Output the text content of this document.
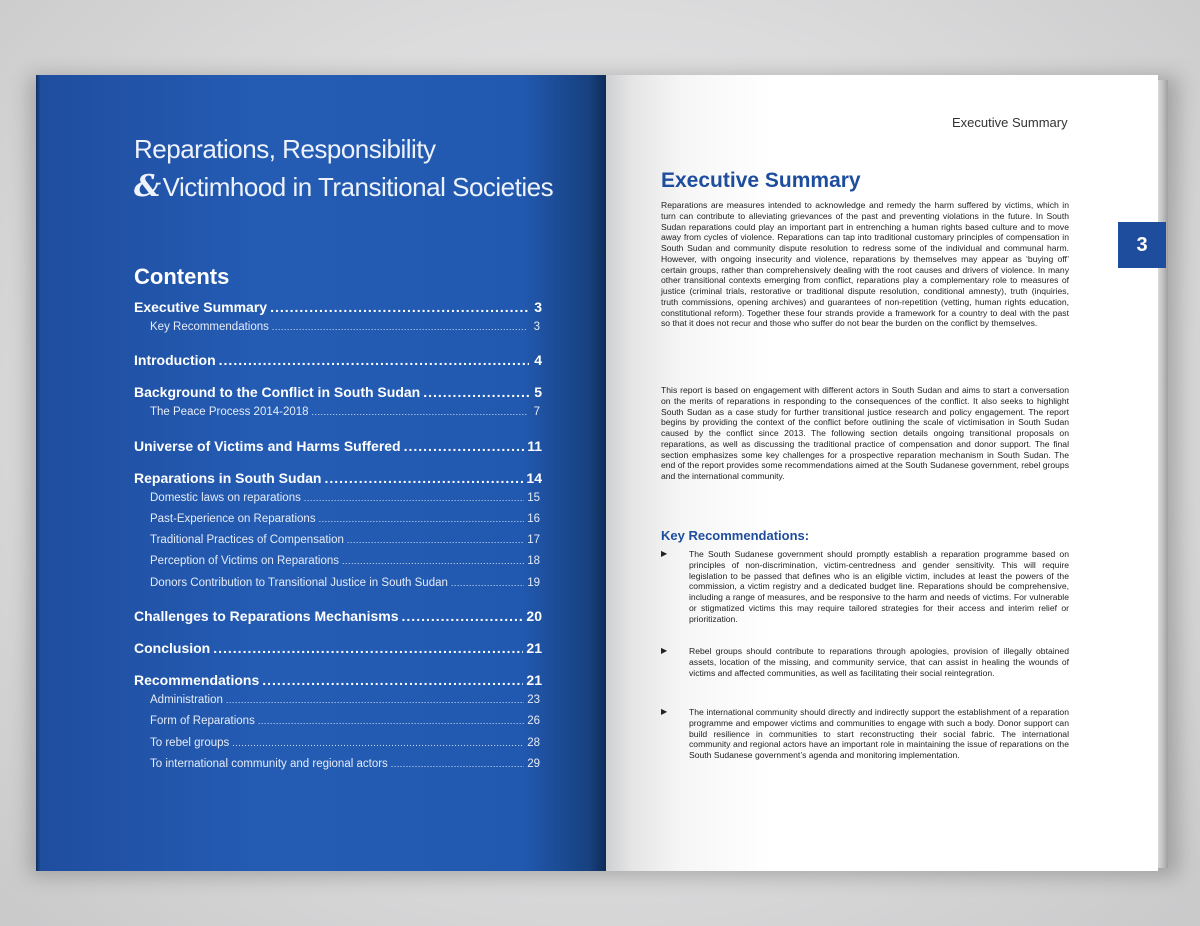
Reparations, Responsibility
&Victimhood in Transitional Societies
Contents
Executive Summary .....	3
Key Recommendations .....	3
Introduction .....	4
Background to the Conflict in South Sudan .....	5
The Peace Process 2014-2018 .....	7
Universe of Victims and Harms Suffered .....	11
Reparations in South Sudan .....	14
Domestic laws on reparations .....	15
Past-Experience on Reparations .....	16
Traditional Practices of Compensation .....	17
Perception of Victims on Reparations .....	18
Donors Contribution to Transitional Justice in South Sudan .....	19
Challenges to Reparations Mechanisms .....	20
Conclusion .....	21
Recommendations .....	21
Administration .....	23
Form of Reparations .....	26
To rebel groups .....	28
To international community and regional actors .....	29
Executive Summary
3
Executive Summary

Reparations are measures intended to acknowledge and remedy the harm suffered by victims, which in turn can contribute to alleviating grievances of the past and preventing violations in the future. In South Sudan reparations could play an important part in entrenching a human rights based culture and to move away from cycles of violence. Reparations can tap into traditional customary principles of compensation in South Sudan and community dispute resolution to redress some of the individual and communal harm. However, with ongoing insecurity and violence, reparations by themselves may appear as ‘buying off’ certain groups, rather than comprehensively dealing with the root causes and drivers of violence. In many other transitional contexts emerging from conflict, reparations play a complementary role to measures of justice (criminal trials, restorative or traditional dispute resolution, conditional amnesty), truth (inquiries, truth commissions, opening archives) and guarantees of non-repetition (vetting, human rights education, constitutional reform). Together these four strands provide a framework for a country to deal with the past so that it does not recur and those who suffer do not bear the burden on the conflict by themselves.

This report is based on engagement with different actors in South Sudan and aims to start a conversation on the merits of reparations in responding to the consequences of the conflict. It also seeks to highlight South Sudan as a case study for further transitional justice research and policy engagement. The report begins by providing the context of the conflict before outlining the scale of victimisation in South Sudan caused by the conflict since 2013. The following section details ongoing transitional proposals on reparations, as well as discussing the traditional practice of compensation and donor support. The final section emphasizes some key challenges for a prospective reparation mechanism in South Sudan. The end of the report provides some recommendations aimed at the South Sudanese government, rebel groups and the international community.

Key Recommendations:
▶	The South Sudanese government should promptly establish a reparation programme based on principles of non-discrimination, victim-centredness and gender sensitivity. This will require legislation to be passed that defines who is an eligible victim, includes at least the powers of the commission, a victim registry and a dedicated budget line. Reparations should be comprehensive, including a range of measures, and be responsive to the harm and needs of victims. For vulnerable or stigmatized victims this may require tailored strategies for their access and interim relief or prioritization.
▶	Rebel groups should contribute to reparations through apologies, provision of illegally obtained assets, location of the missing, and community service, that can assist in healing the wounds of victims and affected communities, as well as facilitating their social reintegration.
▶	The international community should directly and indirectly support the establishment of a reparation programme and empower victims and communities to engage with such a body. Donor support can build resilience in communities to start reconstructing their social fabric. The international community and regional actors have an important role in maintaining the issue of reparations on the South Sudanese government’s agenda and monitoring implementation.
